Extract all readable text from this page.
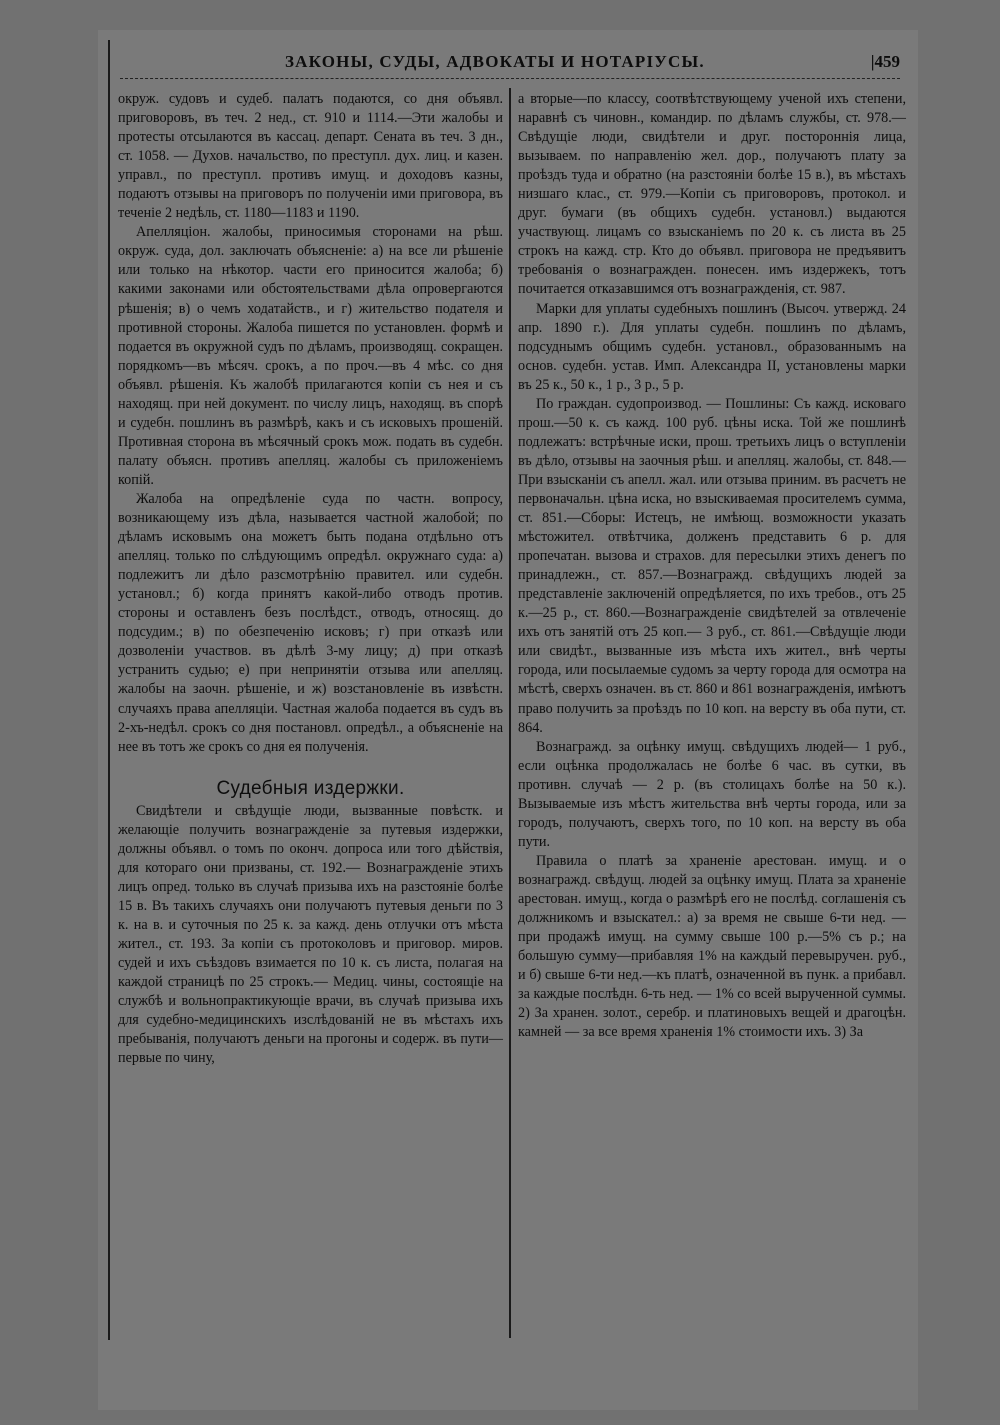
ЗАКОНЫ, СУДЫ, АДВОКАТЫ И НОТАРІУСЫ.	|459

окруж. судовъ и судеб. палатъ подаются, со дня объявл. приговоровъ, въ теч. 2 нед., ст. 910 и 1114.—Эти жалобы и протесты отсылаются въ кассац. департ. Сената въ теч. 3 дн., ст. 1058. — Духов. начальство, по преступл. дух. лиц. и казен. управл., по преступл. противъ имущ. и доходовъ казны, подаютъ отзывы на приговоръ по полученіи ими приговора, въ теченіе 2 недѣль, ст. 1180—1183 и 1190.

Апелляціон. жалобы, приносимыя сторонами на рѣш. окруж. суда, дол. заключать объясненіе: а) на все ли рѣшеніе или только на нѣкотор. части его приносится жалоба; б) какими законами или обстоятельствами дѣла опровергаются рѣшенія; в) о чемъ ходатайств., и г) жительство подателя и противной стороны. Жалоба пишется по установлен. формѣ и подается въ окружной судъ по дѣламъ, производящ. сокращен. порядкомъ—въ мѣсяч. срокъ, а по проч.—въ 4 мѣс. со дня объявл. рѣшенія. Къ жалобѣ прилагаются копіи съ нея и съ находящ. при ней документ. по числу лицъ, находящ. въ спорѣ и судебн. пошлинъ въ размѣрѣ, какъ и съ исковыхъ прошеній. Противная сторона въ мѣсячный срокъ мож. подать въ судебн. палату объясн. противъ апелляц. жалобы съ приложеніемъ копій.

Жалоба на опредѣленіе суда по частн. вопросу, возникающему изъ дѣла, называется частной жалобой; по дѣламъ исковымъ она можетъ быть подана отдѣльно отъ апелляц. только по слѣдующимъ опредѣл. окружнаго суда: а) подлежитъ ли дѣло разсмотрѣнію правител. или судебн. установл.; б) когда принятъ какой-либо отводъ против. стороны и оставленъ безъ послѣдст., отводъ, относящ. до подсудим.; в) по обезпеченію исковъ; г) при отказѣ или дозволеніи участвов. въ дѣлѣ 3-му лицу; д) при отказѣ устранить судью; е) при непринятіи отзыва или апелляц. жалобы на заочн. рѣшеніе, и ж) возстановленіе въ извѣстн. случаяхъ права апелляціи. Частная жалоба подается въ судъ въ 2-хъ-недѣл. срокъ со дня постановл. опредѣл., а объясненіе на нее въ тотъ же срокъ со дня ея полученія.

Судебныя издержки.

Свидѣтели и свѣдущіе люди, вызванные повѣстк. и желающіе получить вознагражденіе за путевыя издержки, должны объявл. о томъ по оконч. допроса или того дѣйствія, для котораго они призваны, ст. 192.— Вознагражденіе этихъ лицъ опред. только въ случаѣ призыва ихъ на разстояніе болѣе 15 в. Въ такихъ случаяхъ они получаютъ путевыя деньги по 3 к. на в. и суточныя по 25 к. за кажд. день отлучки отъ мѣста жител., ст. 193. За копіи съ протоколовъ и приговор. миров. судей и ихъ съѣздовъ взимается по 10 к. съ листа, полагая на каждой страницѣ по 25 строкъ.— Медиц. чины, состоящіе на службѣ и вольнопрактикующіе врачи, въ случаѣ призыва ихъ для судебно-медицинскихъ изслѣдованій не въ мѣстахъ ихъ пребыванія, получаютъ деньги на прогоны и содерж. въ пути—первые по чину,

а вторые—по классу, соотвѣтствующему ученой ихъ степени, наравнѣ съ чиновн., командир. по дѣламъ службы, ст. 978.—Свѣдущіе люди, свидѣтели и друг. постороннія лица, вызываем. по направленію жел. дор., получаютъ плату за проѣздъ туда и обратно (на разстояніи болѣе 15 в.), въ мѣстахъ низшаго клас., ст. 979.—Копіи съ приговоровъ, протокол. и друг. бумаги (въ общихъ судебн. установл.) выдаются участвующ. лицамъ со взысканіемъ по 20 к. съ листа въ 25 строкъ на кажд. стр. Кто до объявл. приговора не предъявитъ требованія о вознагражден. понесен. имъ издержекъ, тотъ почитается отказавшимся отъ вознагражденія, ст. 987.

Марки для уплаты судебныхъ пошлинъ (Высоч. утвержд. 24 апр. 1890 г.). Для уплаты судебн. пошлинъ по дѣламъ, подсуднымъ общимъ судебн. установл., образованнымъ на основ. судебн. устав. Имп. Александра II, установлены марки въ 25 к., 50 к., 1 р., 3 р., 5 р.

По граждан. судопроизвод. — Пошлины: Съ кажд. исковаго прош.—50 к. съ кажд. 100 руб. цѣны иска. Той же пошлинѣ подлежатъ: встрѣчные иски, прош. третьихъ лицъ о вступленіи въ дѣло, отзывы на заочныя рѣш. и апелляц. жалобы, ст. 848.—При взысканіи съ апелл. жал. или отзыва приним. въ расчетъ не первоначальн. цѣна иска, но взыскиваемая просителемъ сумма, ст. 851.—Сборы: Истецъ, не имѣющ. возможности указать мѣстожител. отвѣтчика, долженъ представить 6 р. для пропечатан. вызова и страхов. для пересылки этихъ денегъ по принадлежн., ст. 857.—Вознагражд. свѣдущихъ людей за представленіе заключеній опредѣляется, по ихъ требов., отъ 25 к.—25 р., ст. 860.—Вознагражденіе свидѣтелей за отвлеченіе ихъ отъ занятій отъ 25 коп.— 3 руб., ст. 861.—Свѣдущіе люди или свидѣт., вызванные изъ мѣста ихъ жител., внѣ черты города, или посылаемые судомъ за черту города для осмотра на мѣстѣ, сверхъ означен. въ ст. 860 и 861 вознагражденія, имѣютъ право получить за проѣздъ по 10 коп. на версту въ оба пути, ст. 864.

Вознагражд. за оцѣнку имущ. свѣдущихъ людей— 1 руб., если оцѣнка продолжалась не болѣе 6 час. въ сутки, въ противн. случаѣ — 2 р. (въ столицахъ болѣе на 50 к.). Вызываемые изъ мѣстъ жительства внѣ черты города, или за городъ, получаютъ, сверхъ того, по 10 коп. на версту въ оба пути.

Правила о платѣ за храненіе арестован. имущ. и о вознагражд. свѣдущ. людей за оцѣнку имущ. Плата за храненіе арестован. имущ., когда о размѣрѣ его не послѣд. соглашенія съ должникомъ и взыскател.: а) за время не свыше 6-ти нед. — при продажѣ имущ. на сумму свыше 100 р.—5% съ р.; на большую сумму—прибавляя 1% на каждый перевыручен. руб., и б) свыше 6-ти нед.—къ платѣ, означенной въ пунк. а прибавл. за каждые послѣдн. 6-ть нед. — 1% со всей вырученной суммы. 2) За хранен. золот., серебр. и платиновыхъ вещей и драгоцѣн. камней — за все время храненія 1% стоимости ихъ. 3) За
